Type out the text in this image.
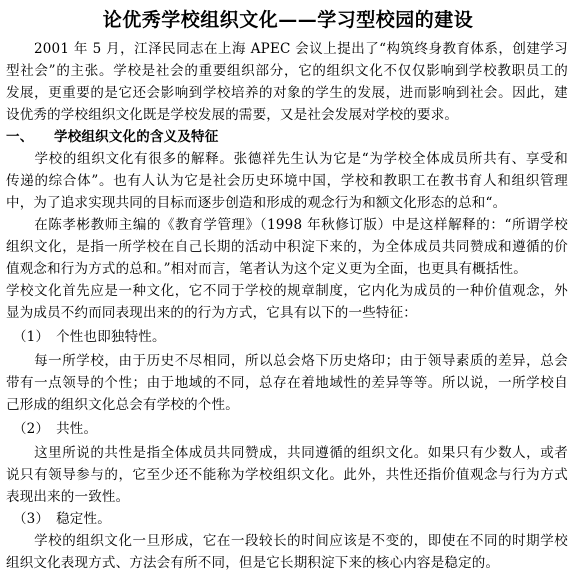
论优秀学校组织文化——学习型校园的建设
　　2001 年 5 月，江泽民同志在上海 APEC 会议上提出了“构筑终身教育体系，创建学习
型社会”的主张。学校是社会的重要组织部分，它的组织文化不仅仅影响到学校教职员工的
发展，更重要的是它还会影响到学校培养的对象的学生的发展，进而影响到社会。因此，建
设优秀的学校组织文化既是学校发展的需要，又是社会发展对学校的要求。
一、　　学校组织文化的含义及特征
　　学校的组织文化有很多的解释。张德祥先生认为它是“为学校全体成员所共有、享受和
传递的综合体”。也有人认为它是社会历史环境中国，学校和教职工在教书育人和组织管理
中，为了追求实现共同的目标而逐步创造和形成的观念行为和额文化形态的总和“。
　　在陈孝彬教师主编的《教育学管理》（1998 年秋修订版）中是这样解释的：“所谓学校
组织文化，是指一所学校在自己长期的活动中积淀下来的，为全体成员共同赞成和遵循的价
值观念和行为方式的总和。”相对而言，笔者认为这个定义更为全面，也更具有概括性。
学校文化首先应是一种文化，它不同于学校的规章制度，它内化为成员的一种价值观念，外
显为成员不约而同表现出来的的行为方式，它具有以下的一些特征：
　（1）　个性也即独特性。
　　每一所学校，由于历史不尽相同，所以总会烙下历史烙印；由于领导素质的差异，总会
带有一点领导的个性；由于地域的不同，总存在着地域性的差异等等。所以说，一所学校自
己形成的组织文化总会有学校的个性。
　（2）　共性。
　　这里所说的共性是指全体成员共同赞成，共同遵循的组织文化。如果只有少数人，或者
说只有领导参与的，它至少还不能称为学校组织文化。此外，共性还指价值观念与行为方式
表现出来的一致性。
　（3）　稳定性。
　　学校的组织文化一旦形成，它在一段较长的时间应该是不变的，即使在不同的时期学校
组织文化表现方式、方法会有所不同，但是它长期积淀下来的核心内容是稳定的。
